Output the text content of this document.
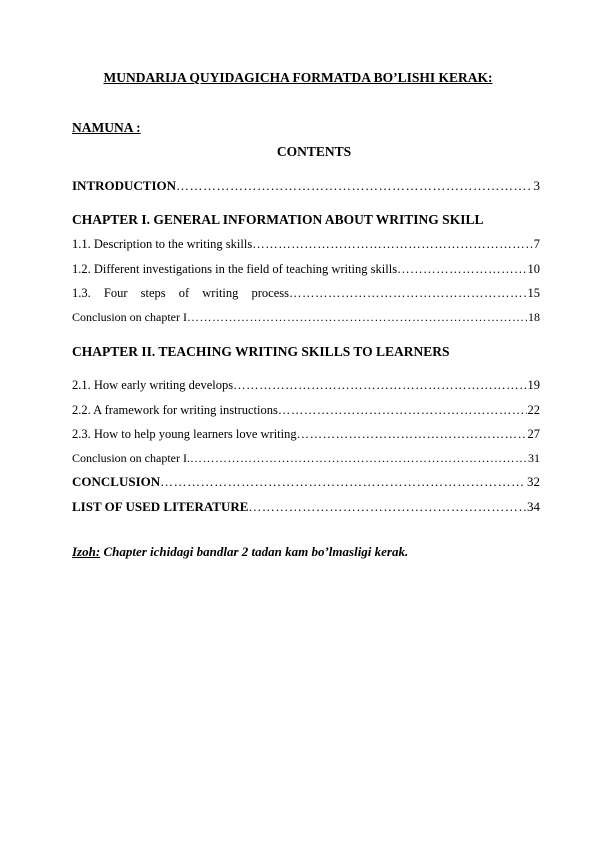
MUNDARIJA QUYIDAGICHA FORMATDA BO’LISHI KERAK:
NAMUNA :
CONTENTS
INTRODUCTION …………………………………………………………………………………………………………………………………………………………………………	3
CHAPTER I. GENERAL INFORMATION ABOUT WRITING SKILL
1.1. Description to the writing skills …………………………………………………………………………………………………………………………………………………………………………	7
1.2. Different investigations in the field of teaching writing skills …………………………………………………………………………………………………………………………………………………………………………	10
1.3. Four steps of writing process …………………………………………………………………………………………………………………………………………………………………………	15
Conclusion on chapter I …………………………………………………………………………………………………………………………………………………………………………	18
CHAPTER II. TEACHING WRITING SKILLS TO LEARNERS
2.1. How early writing develops …………………………………………………………………………………………………………………………………………………………………………	19
2.2. A framework for writing instructions …………………………………………………………………………………………………………………………………………………………………………	22
2.3. How to help young learners love writing …………………………………………………………………………………………………………………………………………………………………………	27
Conclusion on chapter I. …………………………………………………………………………………………………………………………………………………………………………	31
CONCLUSION …………………………………………………………………………………………………………………………………………………………………………	32
LIST OF USED LITERATURE …………………………………………………………………………………………………………………………………………………………………………	34
Izoh: Chapter ichidagi bandlar 2 tadan kam bo’lmasligi kerak.
